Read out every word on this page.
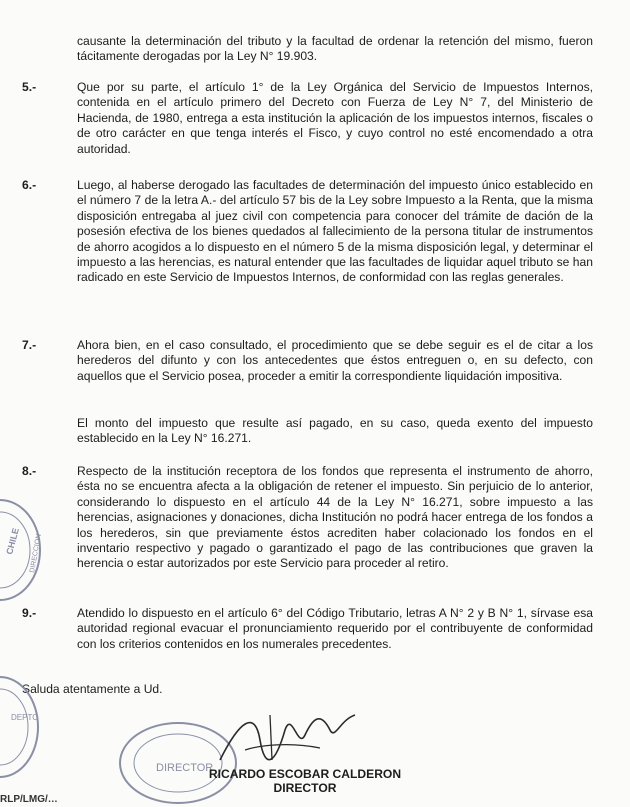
causante la determinación del tributo y la facultad de ordenar la retención del mismo, fueron tácitamente derogadas por la Ley N° 19.903.

5.-	Que por su parte, el artículo 1° de la Ley Orgánica del Servicio de Impuestos Internos, contenida en el artículo primero del Decreto con Fuerza de Ley N° 7, del Ministerio de Hacienda, de 1980, entrega a esta institución la aplicación de los impuestos internos, fiscales o de otro carácter en que tenga interés el Fisco, y cuyo control no esté encomendado a otra autoridad.

6.-	Luego, al haberse derogado las facultades de determinación del impuesto único establecido en el número 7 de la letra A.- del artículo 57 bis de la Ley sobre Impuesto a la Renta, que la misma disposición entregaba al juez civil con competencia para conocer del trámite de dación de la posesión efectiva de los bienes quedados al fallecimiento de la persona titular de instrumentos de ahorro acogidos a lo dispuesto en el número 5 de la misma disposición legal, y determinar el impuesto a las herencias, es natural entender que las facultades de liquidar aquel tributo se han radicado en este Servicio de Impuestos Internos, de conformidad con las reglas generales.

7.-	Ahora bien, en el caso consultado, el procedimiento que se debe seguir es el de citar a los herederos del difunto y con los antecedentes que éstos entreguen o, en su defecto, con aquellos que el Servicio posea, proceder a emitir la correspondiente liquidación impositiva.

El monto del impuesto que resulte así pagado, en su caso, queda exento del impuesto establecido en la Ley N° 16.271.

8.-	Respecto de la institución receptora de los fondos que representa el instrumento de ahorro, ésta no se encuentra afecta a la obligación de retener el impuesto. Sin perjuicio de lo anterior, considerando lo dispuesto en el artículo 44 de la Ley N° 16.271, sobre impuesto a las herencias, asignaciones y donaciones, dicha Institución no podrá hacer entrega de los fondos a los herederos, sin que previamente éstos acrediten haber colacionado los fondos en el inventario respectivo y pagado o garantizado el pago de las contribuciones que graven la herencia o estar autorizados por este Servicio para proceder al retiro.

9.-	Atendido lo dispuesto en el artículo 6° del Código Tributario, letras A N° 2 y B N° 1, sírvase esa autoridad regional evacuar el pronunciamiento requerido por el contribuyente de conformidad con los criterios contenidos en los numerales precedentes.

Saluda atentamente a Ud.
CHILE DIRECCION
DEPTO
DIRECTOR
RICARDO ESCOBAR CALDERON
DIRECTOR
RLP/LMG/…
